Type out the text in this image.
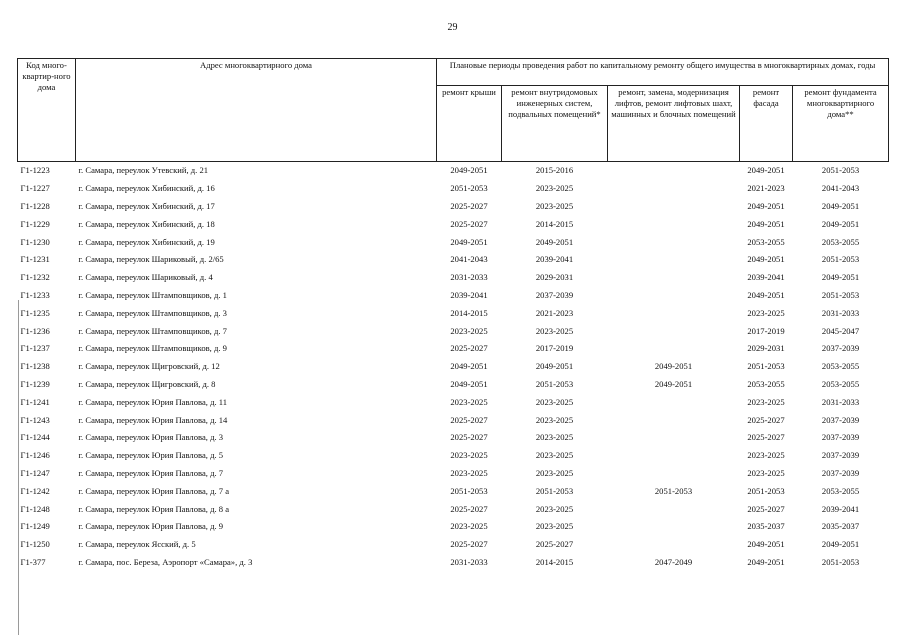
29
Код много-квартир-ного дома	Адрес многоквартирного дома	Плановые периоды проведения работ по капитальному ремонту общего имущества в многоквартирных домах, годы				
		ремонт крыши	ремонт внутридомовых инженерных систем, подвальных помещений*	ремонт, замена, модернизация лифтов, ремонт лифтовых шахт, машинных и блочных помещений	ремонт фасада	ремонт фундамента многоквартирного дома**
Г1-1223	г. Самара, переулок Утевский, д. 21	2049-2051	2015-2016		2049-2051	2051-2053
Г1-1227	г. Самара, переулок Хибинский, д. 16	2051-2053	2023-2025		2021-2023	2041-2043
Г1-1228	г. Самара, переулок Хибинский, д. 17	2025-2027	2023-2025		2049-2051	2049-2051
Г1-1229	г. Самара, переулок Хибинский, д. 18	2025-2027	2014-2015		2049-2051	2049-2051
Г1-1230	г. Самара, переулок Хибинский, д. 19	2049-2051	2049-2051		2053-2055	2053-2055
Г1-1231	г. Самара, переулок Шариковый, д. 2/65	2041-2043	2039-2041		2049-2051	2051-2053
Г1-1232	г. Самара, переулок Шариковый, д. 4	2031-2033	2029-2031		2039-2041	2049-2051
Г1-1233	г. Самара, переулок Штамповщиков, д. 1	2039-2041	2037-2039		2049-2051	2051-2053
Г1-1235	г. Самара, переулок Штамповщиков, д. 3	2014-2015	2021-2023		2023-2025	2031-2033
Г1-1236	г. Самара, переулок Штамповщиков, д. 7	2023-2025	2023-2025		2017-2019	2045-2047
Г1-1237	г. Самара, переулок Штамповщиков, д. 9	2025-2027	2017-2019		2029-2031	2037-2039
Г1-1238	г. Самара, переулок Щигровский, д. 12	2049-2051	2049-2051	2049-2051	2051-2053	2053-2055
Г1-1239	г. Самара, переулок Щигровский, д. 8	2049-2051	2051-2053	2049-2051	2053-2055	2053-2055
Г1-1241	г. Самара, переулок Юрия Павлова, д. 11	2023-2025	2023-2025		2023-2025	2031-2033
Г1-1243	г. Самара, переулок Юрия Павлова, д. 14	2025-2027	2023-2025		2025-2027	2037-2039
Г1-1244	г. Самара, переулок Юрия Павлова, д. 3	2025-2027	2023-2025		2025-2027	2037-2039
Г1-1246	г. Самара, переулок Юрия Павлова, д. 5	2023-2025	2023-2025		2023-2025	2037-2039
Г1-1247	г. Самара, переулок Юрия Павлова, д. 7	2023-2025	2023-2025		2023-2025	2037-2039
Г1-1242	г. Самара, переулок Юрия Павлова, д. 7 а	2051-2053	2051-2053	2051-2053	2051-2053	2053-2055
Г1-1248	г. Самара, переулок Юрия Павлова, д. 8 а	2025-2027	2023-2025		2025-2027	2039-2041
Г1-1249	г. Самара, переулок Юрия Павлова, д. 9	2023-2025	2023-2025		2035-2037	2035-2037
Г1-1250	г. Самара, переулок Ясский, д. 5	2025-2027	2025-2027		2049-2051	2049-2051
Г1-377	г. Самара, пос. Береза, Аэропорт «Самара», д. 3	2031-2033	2014-2015	2047-2049	2049-2051	2051-2053
